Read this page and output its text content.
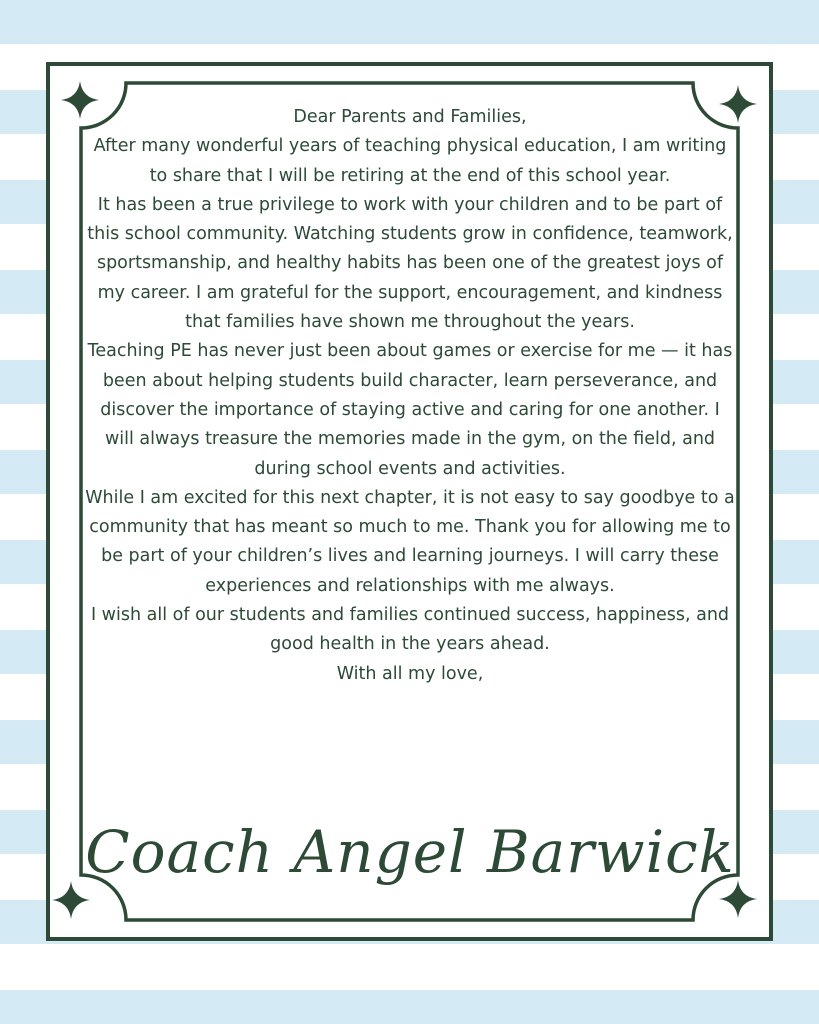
Dear Parents and Families,

After many wonderful years of teaching physical education, I am writing to share that I will be retiring at the end of this school year.

It has been a true privilege to work with your children and to be part of this school community. Watching students grow in confidence, teamwork, sportsmanship, and healthy habits has been one of the greatest joys of my career. I am grateful for the support, encouragement, and kindness that families have shown me throughout the years.

Teaching PE has never just been about games or exercise for me — it has been about helping students build character, learn perseverance, and discover the importance of staying active and caring for one another. I will always treasure the memories made in the gym, on the field, and during school events and activities.

While I am excited for this next chapter, it is not easy to say goodbye to a community that has meant so much to me. Thank you for allowing me to be part of your children’s lives and learning journeys. I will carry these experiences and relationships with me always.

I wish all of our students and families continued success, happiness, and good health in the years ahead.

With all my love,

Coach Angel Barwick
